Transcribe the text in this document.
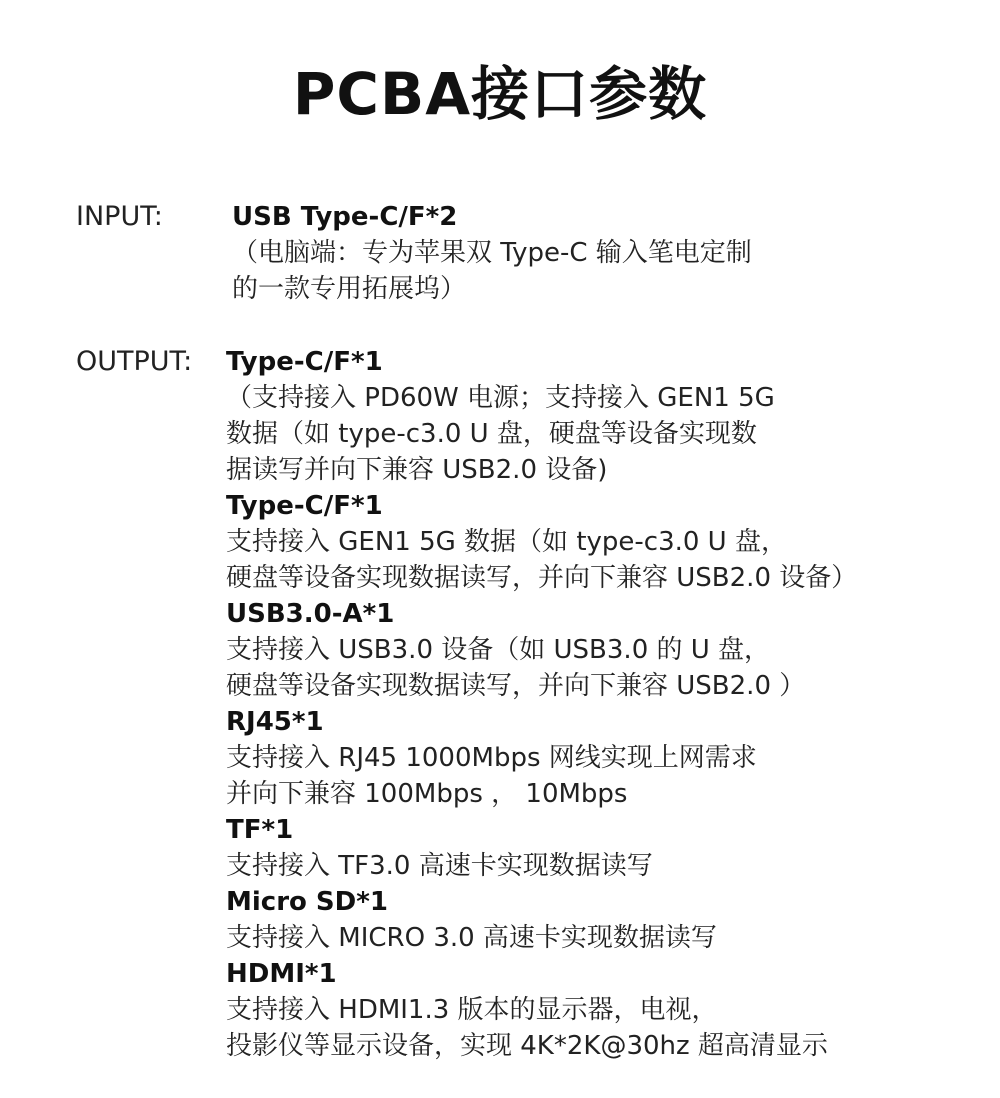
PCBA接口参数
INPUT:	USB Type-C/F*2
（电脑端：专为苹果双 Type-C 输入笔电定制
的一款专用拓展坞）
OUTPUT: Type-C/F*1
（支持接入 PD60W 电源；支持接入 GEN1 5G
数据（如 type-c3.0 U 盘，硬盘等设备实现数
据读写并向下兼容 USB2.0 设备)
Type-C/F*1
支持接入 GEN1 5G 数据（如 type-c3.0 U 盘，
硬盘等设备实现数据读写，并向下兼容 USB2.0 设备）
USB3.0-A*1
支持接入 USB3.0 设备（如 USB3.0 的 U 盘，
硬盘等设备实现数据读写，并向下兼容 USB2.0 ）
RJ45*1
支持接入 RJ45 1000Mbps 网线实现上网需求
并向下兼容 100Mbps ， 10Mbps
TF*1
支持接入 TF3.0 高速卡实现数据读写
Micro SD*1
支持接入 MICRO 3.0 高速卡实现数据读写
HDMI*1
支持接入 HDMI1.3 版本的显示器，电视，
投影仪等显示设备，实现 4K*2K@30hz 超高清显示
